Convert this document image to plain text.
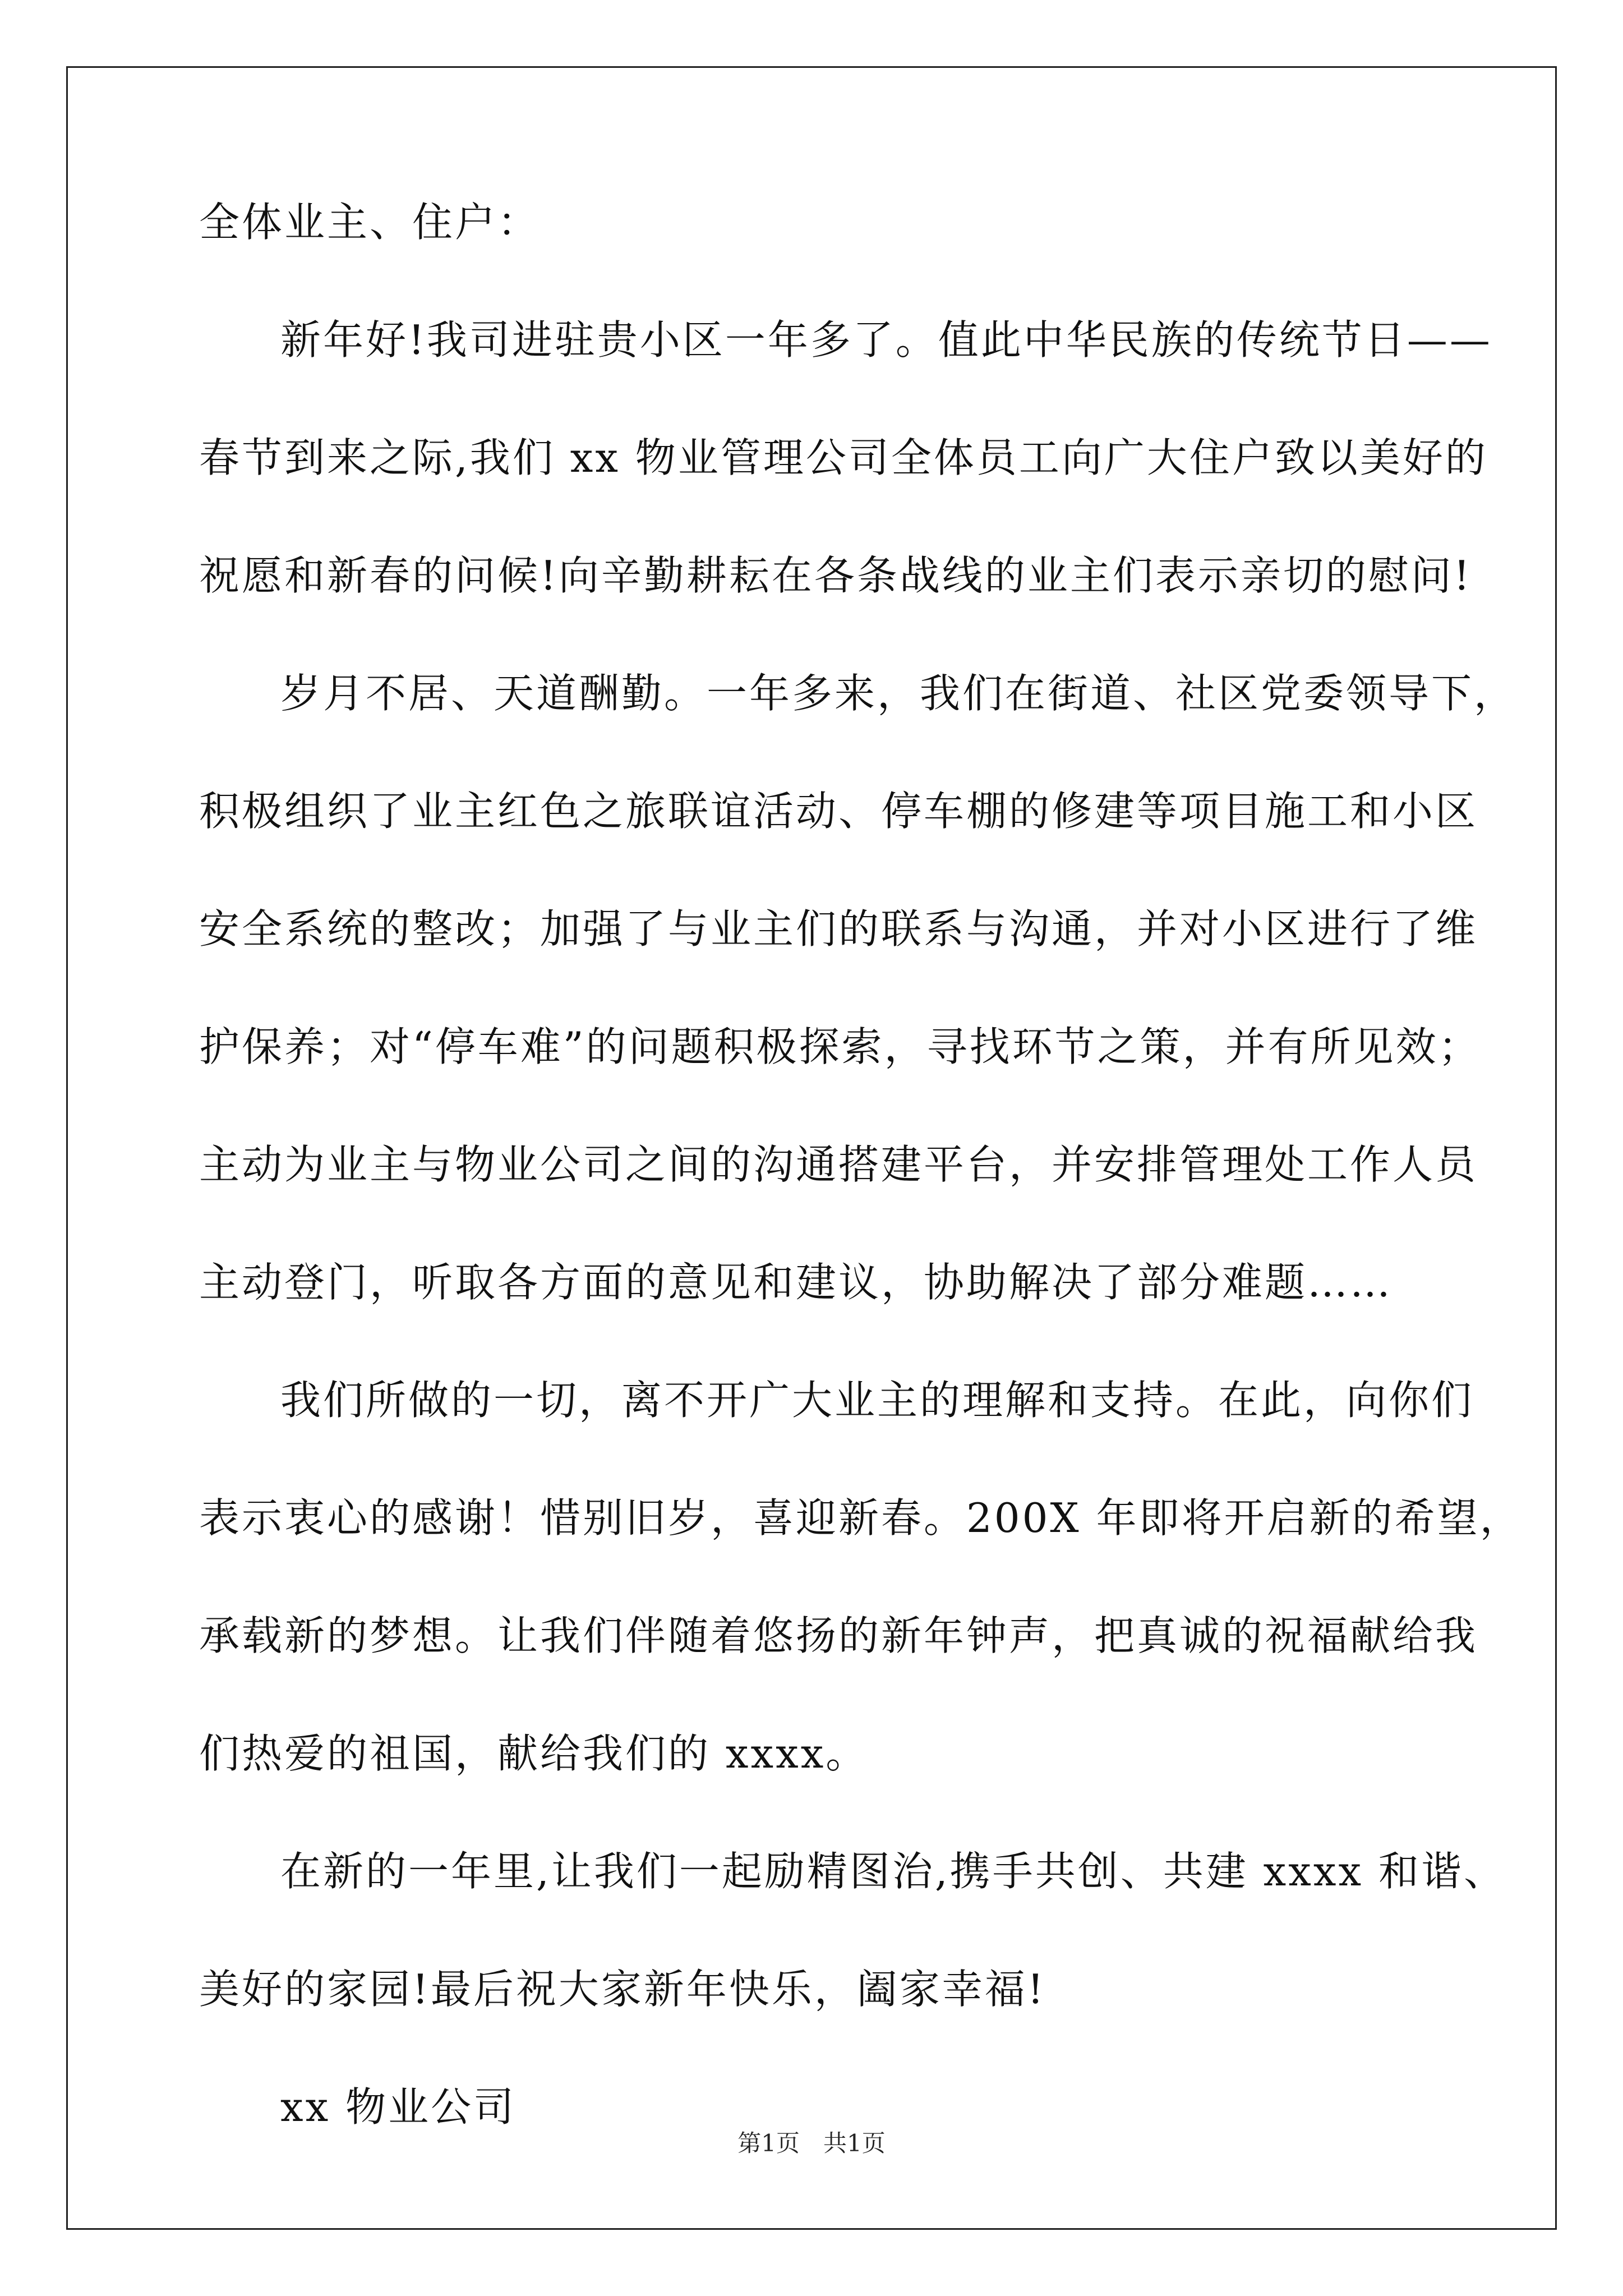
全体业主、住户：
新年好!我司进驻贵小区一年多了。值此中华民族的传统节日——
春节到来之际,我们 xx 物业管理公司全体员工向广大住户致以美好的
祝愿和新春的问候!向辛勤耕耘在各条战线的业主们表示亲切的慰问!
岁月不居、天道酬勤。一年多来，我们在街道、社区党委领导下，
积极组织了业主红色之旅联谊活动、停车棚的修建等项目施工和小区
安全系统的整改；加强了与业主们的联系与沟通，并对小区进行了维
护保养；对“停车难”的问题积极探索，寻找环节之策，并有所见效；
主动为业主与物业公司之间的沟通搭建平台，并安排管理处工作人员
主动登门，听取各方面的意见和建议，协助解决了部分难题……
我们所做的一切，离不开广大业主的理解和支持。在此，向你们
表示衷心的感谢！惜别旧岁，喜迎新春。200X 年即将开启新的希望，
承载新的梦想。让我们伴随着悠扬的新年钟声，把真诚的祝福献给我
们热爱的祖国，献给我们的 xxxx。
在新的一年里,让我们一起励精图治,携手共创、共建 xxxx 和谐、
美好的家园!最后祝大家新年快乐，阖家幸福!
xx 物业公司
第1页　共1页
